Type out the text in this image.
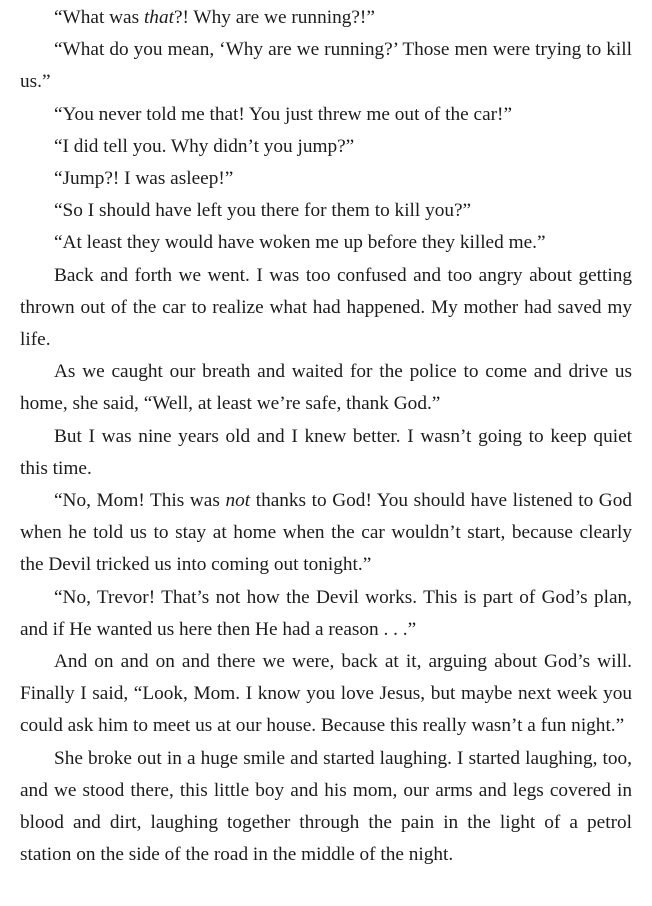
“What was that?! Why are we running?!”

“What do you mean, ‘Why are we running?’ Those men were trying to kill us.”

“You never told me that! You just threw me out of the car!”

“I did tell you. Why didn’t you jump?”

“Jump?! I was asleep!”

“So I should have left you there for them to kill you?”

“At least they would have woken me up before they killed me.”

Back and forth we went. I was too confused and too angry about getting thrown out of the car to realize what had happened. My mother had saved my life.

As we caught our breath and waited for the police to come and drive us home, she said, “Well, at least we’re safe, thank God.”

But I was nine years old and I knew better. I wasn’t going to keep quiet this time.

“No, Mom! This was not thanks to God! You should have listened to God when he told us to stay at home when the car wouldn’t start, because clearly the Devil tricked us into coming out tonight.”

“No, Trevor! That’s not how the Devil works. This is part of God’s plan, and if He wanted us here then He had a reason . . .”

And on and on and there we were, back at it, arguing about God’s will. Finally I said, “Look, Mom. I know you love Jesus, but maybe next week you could ask him to meet us at our house. Because this really wasn’t a fun night.”

She broke out in a huge smile and started laughing. I started laughing, too, and we stood there, this little boy and his mom, our arms and legs covered in blood and dirt, laughing together through the pain in the light of a petrol station on the side of the road in the middle of the night.
